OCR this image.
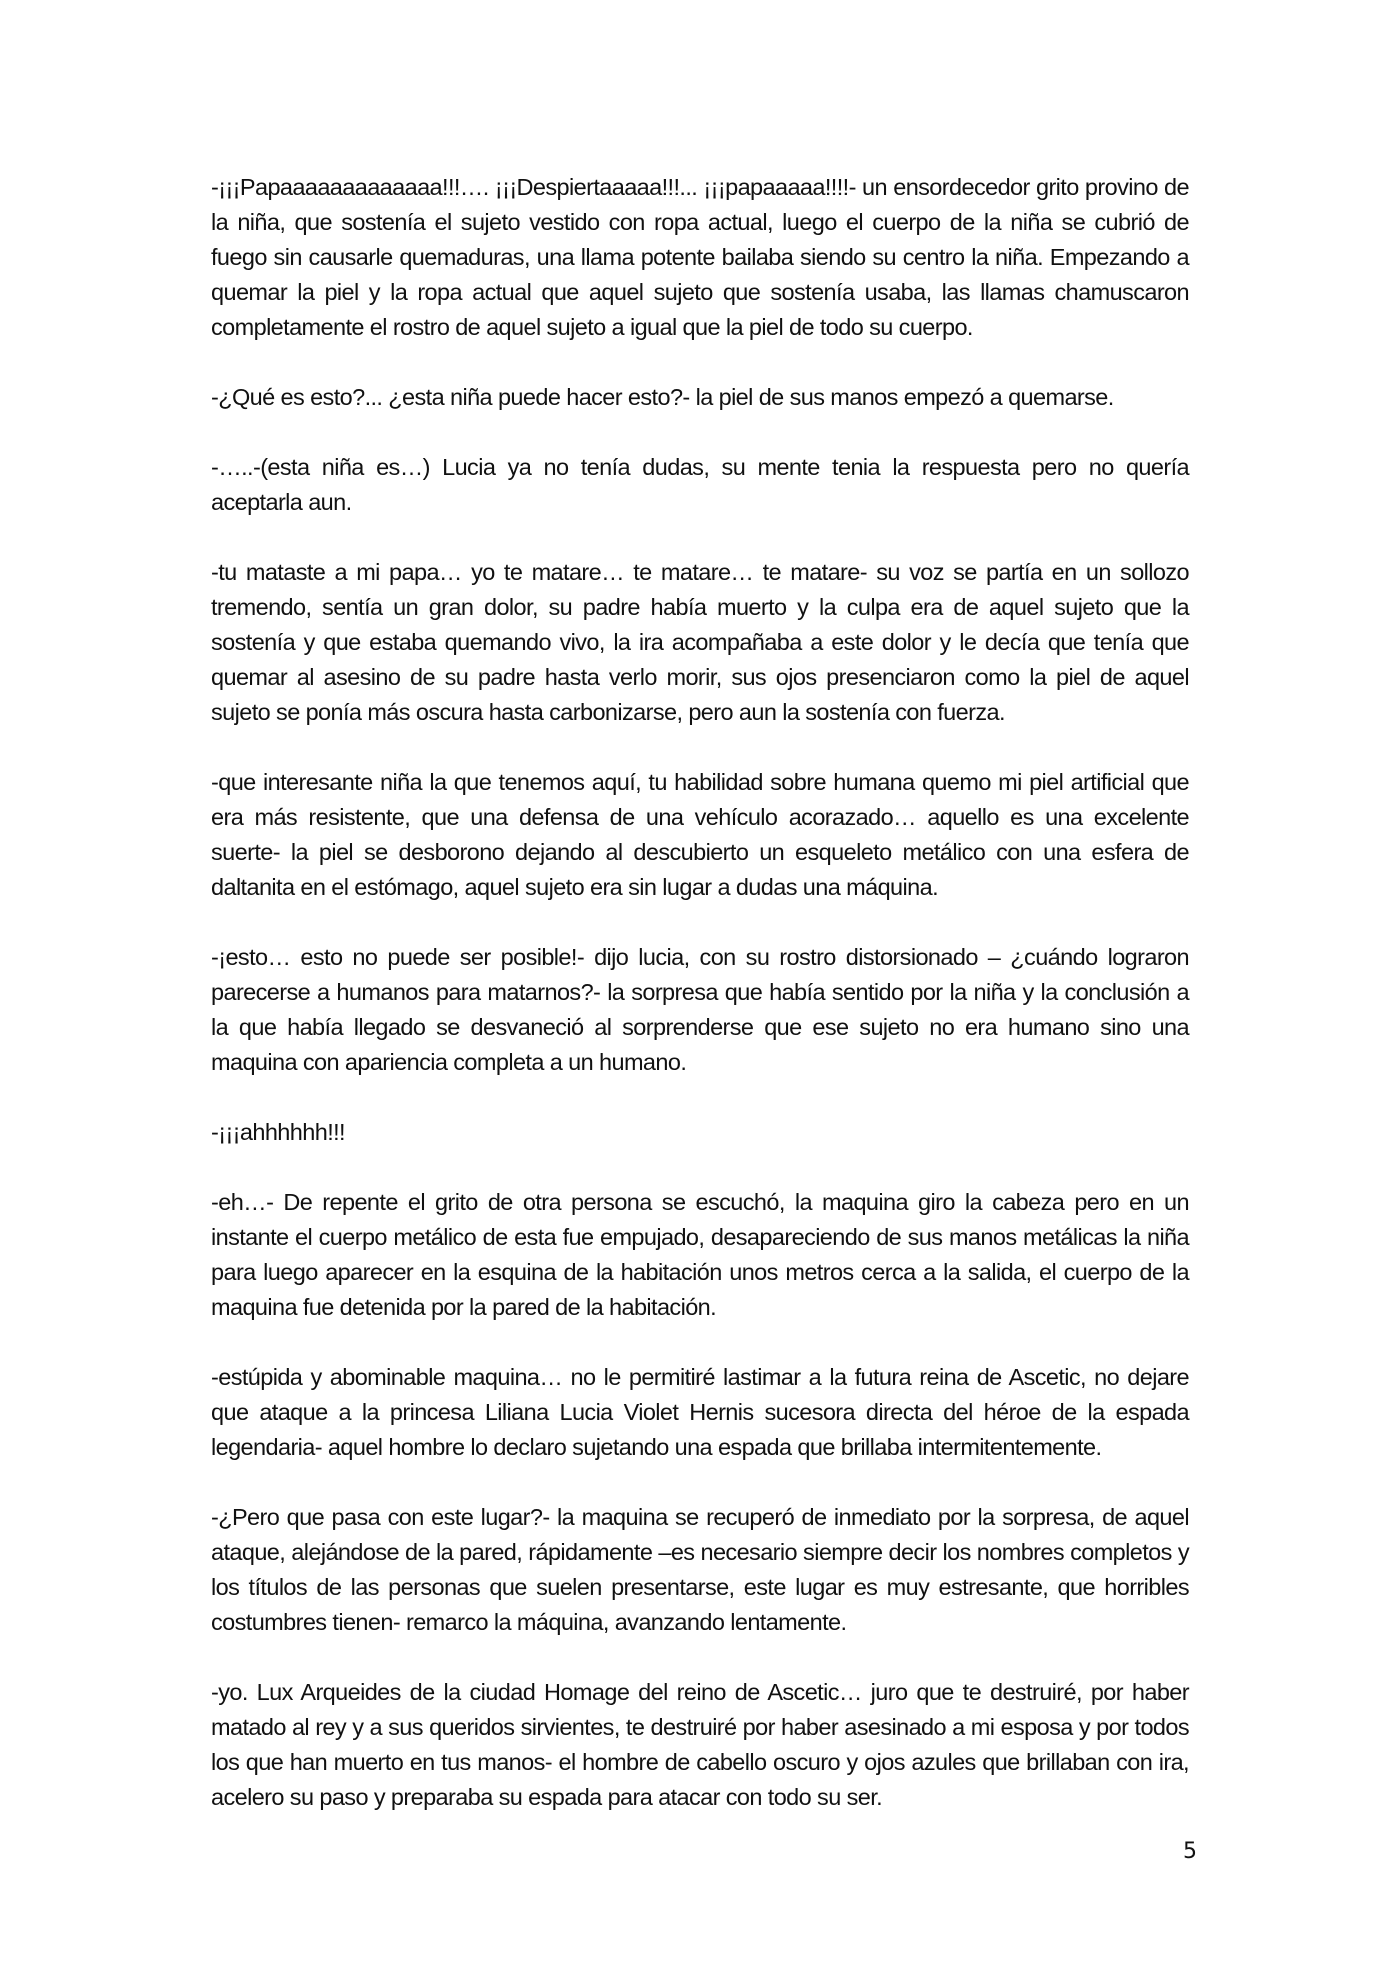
-¡¡¡Papaaaaaaaaaaaaa!!!…. ¡¡¡Despiertaaaaa!!!... ¡¡¡papaaaaa!!!!- un ensordecedor grito provino de la niña, que sostenía el sujeto vestido con ropa actual, luego el cuerpo de la niña se cubrió de fuego sin causarle quemaduras, una llama potente bailaba siendo su centro la niña. Empezando a quemar la piel y la ropa actual que aquel sujeto que sostenía usaba, las llamas chamuscaron completamente el rostro de aquel sujeto a igual que la piel de todo su cuerpo.

-¿Qué es esto?... ¿esta niña puede hacer esto?- la piel de sus manos empezó a quemarse.

-…..-(esta niña es…) Lucia ya no tenía dudas, su mente tenia la respuesta pero no quería aceptarla aun.

-tu mataste a mi papa… yo te matare… te matare… te matare- su voz se partía en un sollozo tremendo, sentía un gran dolor, su padre había muerto y la culpa era de aquel sujeto que la sostenía y que estaba quemando vivo, la ira acompañaba a este dolor y le decía que tenía que quemar al asesino de su padre hasta verlo morir, sus ojos presenciaron como la piel de aquel sujeto se ponía más oscura hasta carbonizarse, pero aun la sostenía con fuerza.

-que interesante niña la que tenemos aquí, tu habilidad sobre humana quemo mi piel artificial que era más resistente, que una defensa de una vehículo acorazado… aquello es una excelente suerte- la piel se desborono dejando al descubierto un esqueleto metálico con una esfera de daltanita en el estómago, aquel sujeto era sin lugar a dudas una máquina.

-¡esto… esto no puede ser posible!- dijo lucia, con su rostro distorsionado – ¿cuándo lograron parecerse a humanos para matarnos?- la sorpresa que había sentido por la niña y la conclusión a la que había llegado se desvaneció al sorprenderse que ese sujeto no era humano sino una maquina con apariencia completa a un humano.

-¡¡¡ahhhhhh!!!

-eh…- De repente el grito de otra persona se escuchó, la maquina giro la cabeza pero en un instante el cuerpo metálico de esta fue empujado, desapareciendo de sus manos metálicas la niña para luego aparecer en la esquina de la habitación unos metros cerca a la salida, el cuerpo de la maquina fue detenida por la pared de la habitación.

-estúpida y abominable maquina… no le permitiré lastimar a la futura reina de Ascetic, no dejare que ataque a la princesa Liliana Lucia Violet Hernis sucesora directa del héroe de la espada legendaria- aquel hombre lo declaro sujetando una espada que brillaba intermitentemente.

-¿Pero que pasa con este lugar?- la maquina se recuperó de inmediato por la sorpresa, de aquel ataque, alejándose de la pared, rápidamente –es necesario siempre decir los nombres completos y los títulos de las personas que suelen presentarse, este lugar es muy estresante, que horribles costumbres tienen- remarco la máquina, avanzando lentamente.

-yo. Lux Arqueides de la ciudad Homage del reino de Ascetic… juro que te destruiré, por haber matado al rey y a sus queridos sirvientes, te destruiré por haber asesinado a mi esposa y por todos los que han muerto en tus manos- el hombre de cabello oscuro y ojos azules que brillaban con ira, acelero su paso y preparaba su espada para atacar con todo su ser.

5
